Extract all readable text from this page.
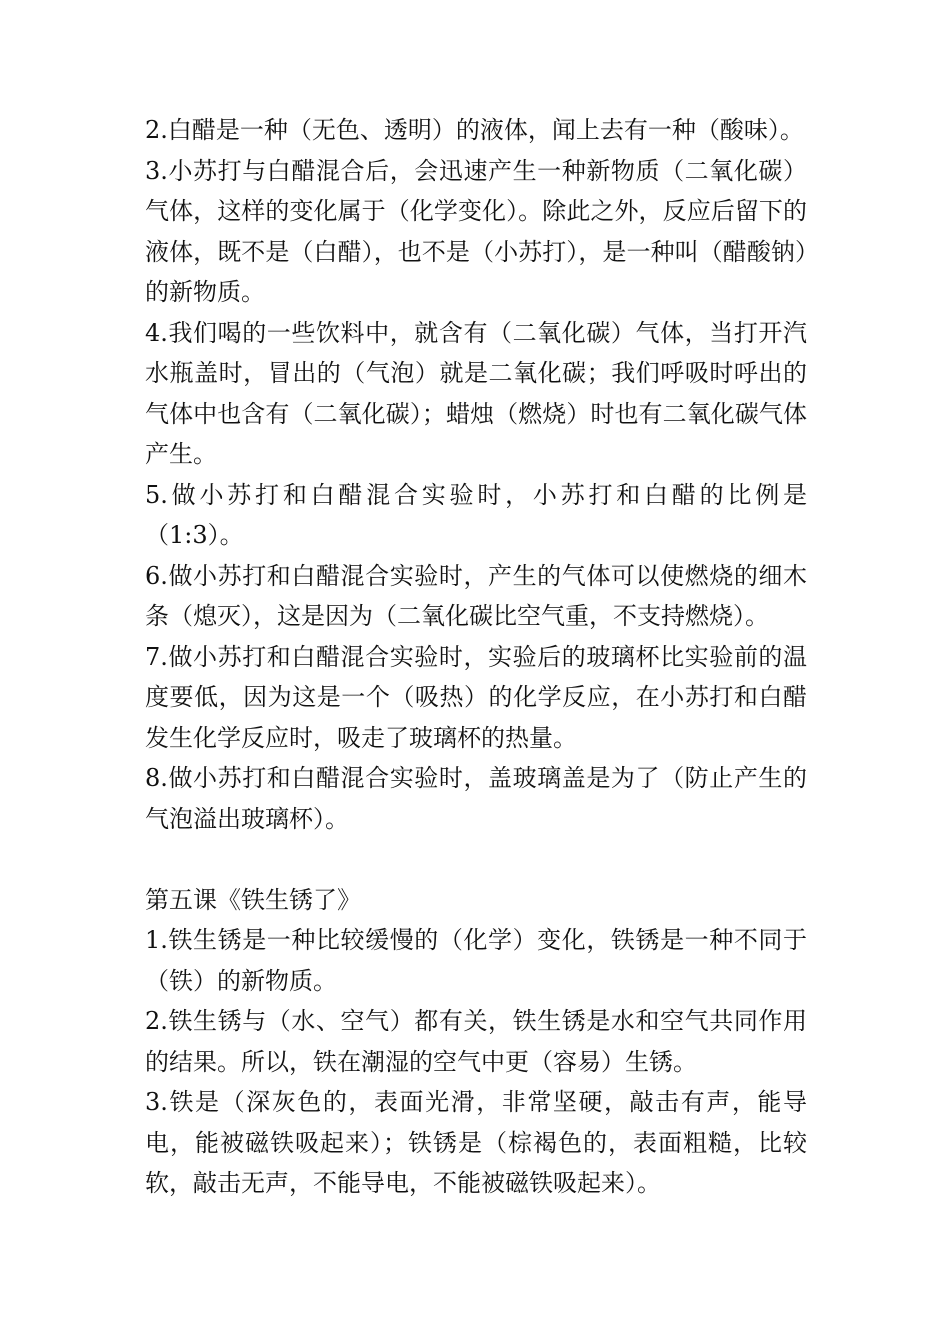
2.白醋是一种（无色、透明）的液体，闻上去有一种（酸味）。

3.小苏打与白醋混合后，会迅速产生一种新物质（二氧化碳）气体，这样的变化属于（化学变化）。除此之外，反应后留下的液体，既不是（白醋），也不是（小苏打），是一种叫（醋酸钠）的新物质。

4.我们喝的一些饮料中，就含有（二氧化碳）气体，当打开汽水瓶盖时，冒出的（气泡）就是二氧化碳；我们呼吸时呼出的气体中也含有（二氧化碳）；蜡烛（燃烧）时也有二氧化碳气体产生。

5.做小苏打和白醋混合实验时，小苏打和白醋的比例是（1:3）。

6.做小苏打和白醋混合实验时，产生的气体可以使燃烧的细木条（熄灭），这是因为（二氧化碳比空气重，不支持燃烧）。

7.做小苏打和白醋混合实验时，实验后的玻璃杯比实验前的温度要低，因为这是一个（吸热）的化学反应，在小苏打和白醋发生化学反应时，吸走了玻璃杯的热量。

8.做小苏打和白醋混合实验时，盖玻璃盖是为了（防止产生的气泡溢出玻璃杯）。

第五课《铁生锈了》

1.铁生锈是一种比较缓慢的（化学）变化，铁锈是一种不同于（铁）的新物质。

2.铁生锈与（水、空气）都有关，铁生锈是水和空气共同作用的结果。所以，铁在潮湿的空气中更（容易）生锈。

3.铁是（深灰色的，表面光滑，非常坚硬，敲击有声，能导电，能被磁铁吸起来）；铁锈是（棕褐色的，表面粗糙，比较软，敲击无声，不能导电，不能被磁铁吸起来）。
